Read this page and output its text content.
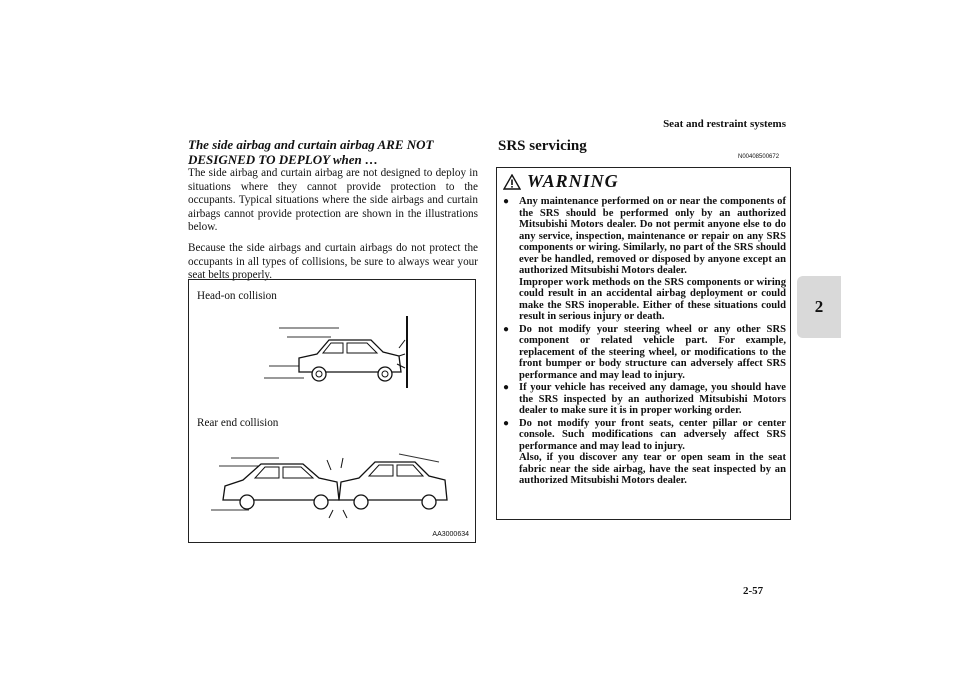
Seat and restraint systems
2

The side airbag and curtain airbag ARE NOT DESIGNED TO DEPLOY when …

The side airbag and curtain airbag are not designed to deploy in situations where they cannot provide protection to the occupants. Typical situations where the side airbags and curtain airbags cannot provide protection are shown in the illustrations below.

Because the side airbags and curtain airbags do not protect the occupants in all types of collisions, be sure to always wear your seat belts properly.

Head-on collision
Rear end collision
AA3000634
SRS servicing
N00408500672
WARNING
● Any maintenance performed on or near the components of the SRS should be performed only by an authorized Mitsubishi Motors dealer. Do not permit anyone else to do any service, inspection, maintenance or repair on any SRS components or wiring. Similarly, no part of the SRS should ever be handled, removed or disposed by anyone except an authorized Mitsubishi Motors dealer.
Improper work methods on the SRS components or wiring could result in an accidental airbag deployment or could make the SRS inoperable. Either of these situations could result in serious injury or death.
● Do not modify your steering wheel or any other SRS component or related vehicle part. For example, replacement of the steering wheel, or modifications to the front bumper or body structure can adversely affect SRS performance and may lead to injury.
● If your vehicle has received any damage, you should have the SRS inspected by an authorized Mitsubishi Motors dealer to make sure it is in proper working order.
● Do not modify your front seats, center pillar or center console. Such modifications can adversely affect SRS performance and may lead to injury.
Also, if you discover any tear or open seam in the seat fabric near the side airbag, have the seat inspected by an authorized Mitsubishi Motors dealer.
2-57
